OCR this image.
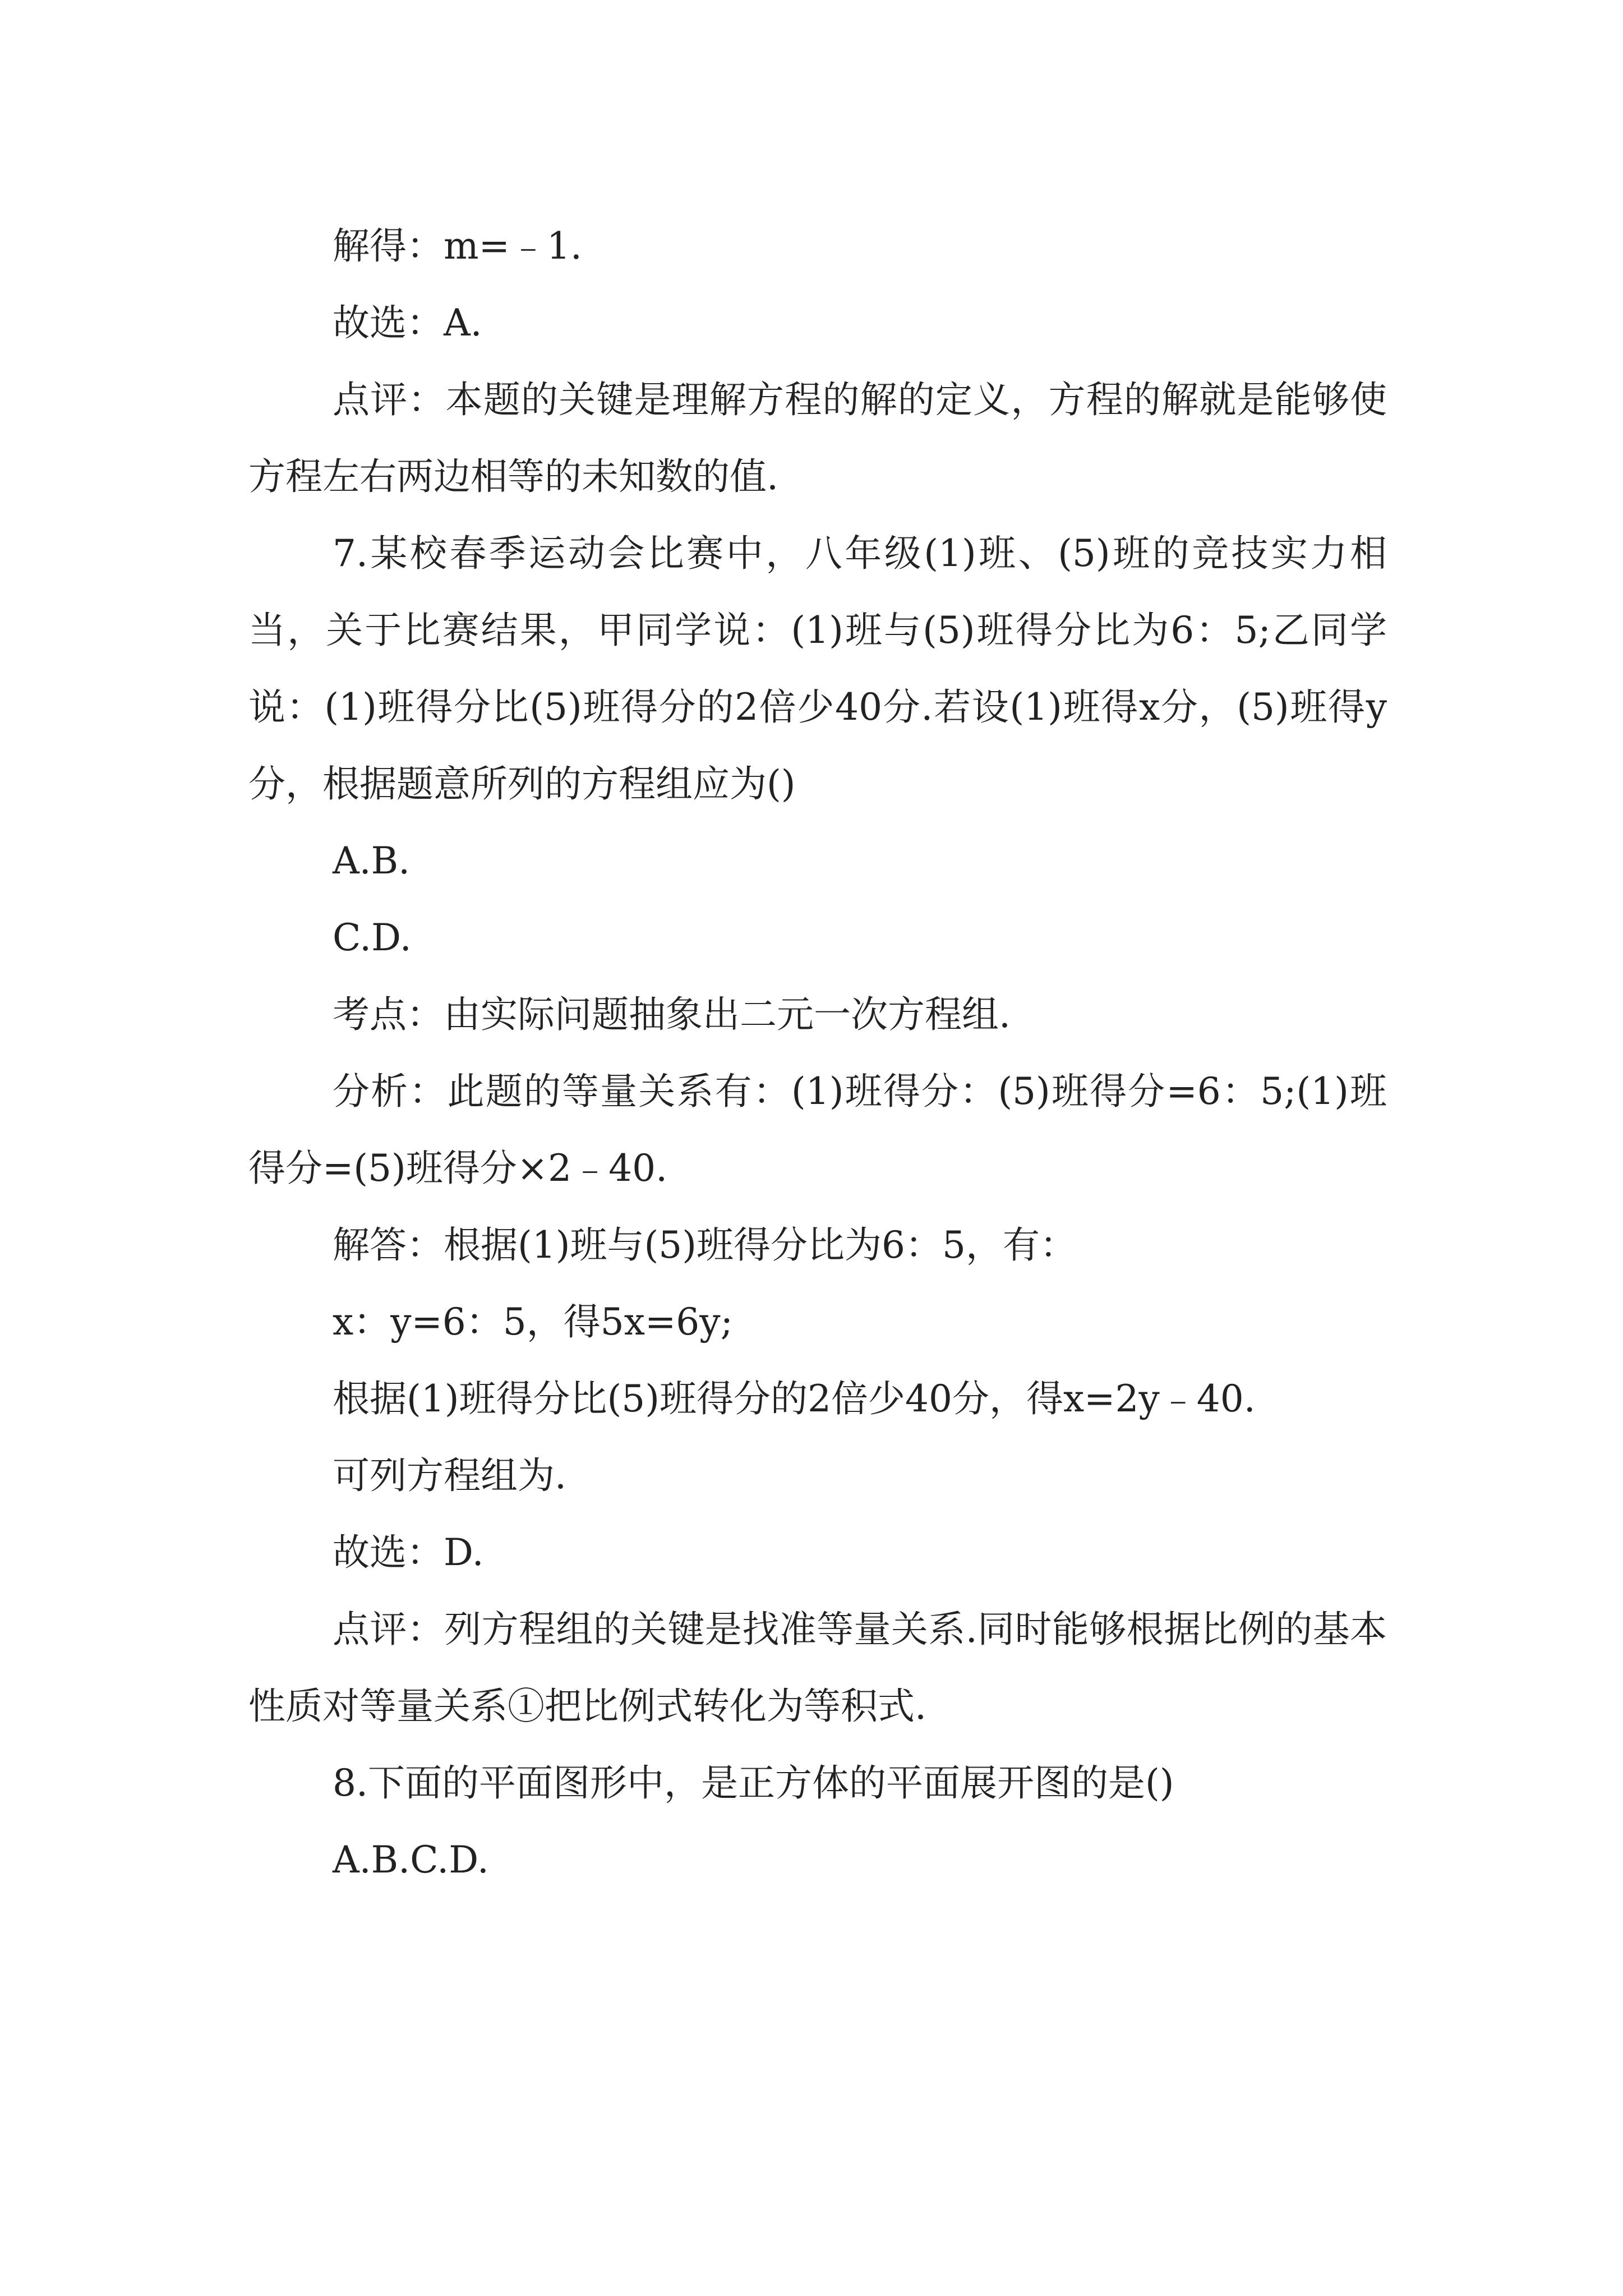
解得：m=﹣1.

故选：A.

点评：本题的关键是理解方程的解的定义，方程的解就是能够使方程左右两边相等的未知数的值.

7.某校春季运动会比赛中，八年级(1)班、(5)班的竞技实力相当，关于比赛结果，甲同学说：(1)班与(5)班得分比为6：5;乙同学说：(1)班得分比(5)班得分的2倍少40分.若设(1)班得x分，(5)班得y分，根据题意所列的方程组应为()

A.B.

C.D.

考点：由实际问题抽象出二元一次方程组.

分析：此题的等量关系有：(1)班得分：(5)班得分=6：5;(1)班得分=(5)班得分×2﹣40.

解答：根据(1)班与(5)班得分比为6：5，有：

x：y=6：5，得5x=6y;

根据(1)班得分比(5)班得分的2倍少40分，得x=2y﹣40.

可列方程组为.

故选：D.

点评：列方程组的关键是找准等量关系.同时能够根据比例的基本性质对等量关系①把比例式转化为等积式.

8.下面的平面图形中，是正方体的平面展开图的是()

A.B.C.D.
